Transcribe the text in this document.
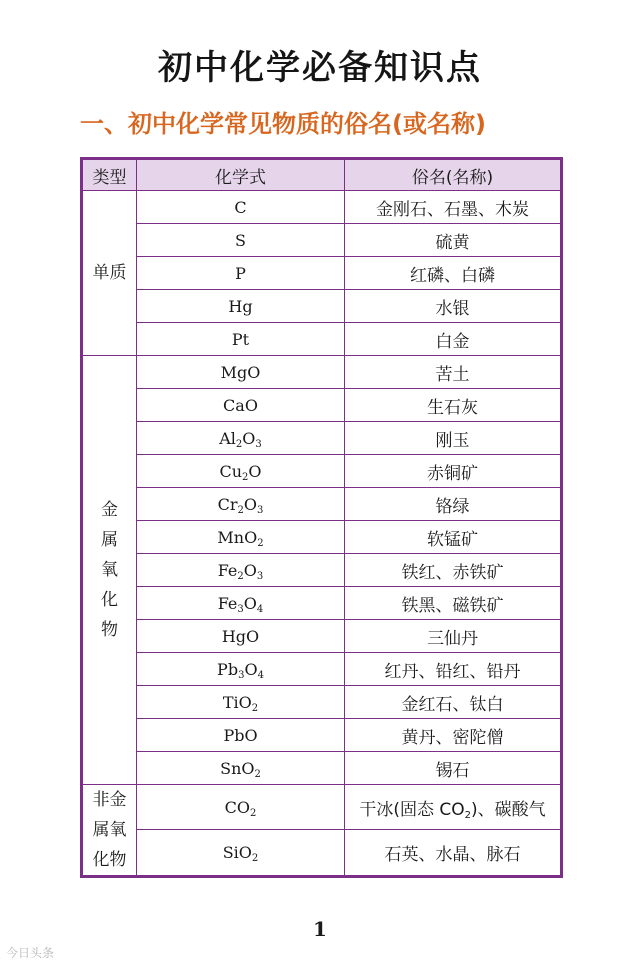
初中化学必备知识点
一、初中化学常见物质的俗名(或名称)
类型	化学式	俗名(名称)
单质	C	金刚石、石墨、木炭
	S	硫黄
	P	红磷、白磷
	Hg	水银
	Pt	白金
金属氧化物	MgO	苦土
	CaO	生石灰
	$Al_2O_3$	刚玉
	$Cu_2O$	赤铜矿
	$Cr_2O_3$	铬绿
	MnO$_2$	软锰矿
	$Fe_2O_3$	铁红、赤铁矿
	$Fe_3O_4$	铁黑、磁铁矿
	HgO	三仙丹
	$Pb_3O_4$	红丹、铅红、铅丹
	TiO$_2$	金红石、钛白
	PbO	黄丹、密陀僧
	SnO$_2$	锡石
非金属氧化物	$CO_2$	干冰(固态 $CO_2$)、碳酸气
	SiO$_2$	石英、水晶、脉石
1
今日头条
